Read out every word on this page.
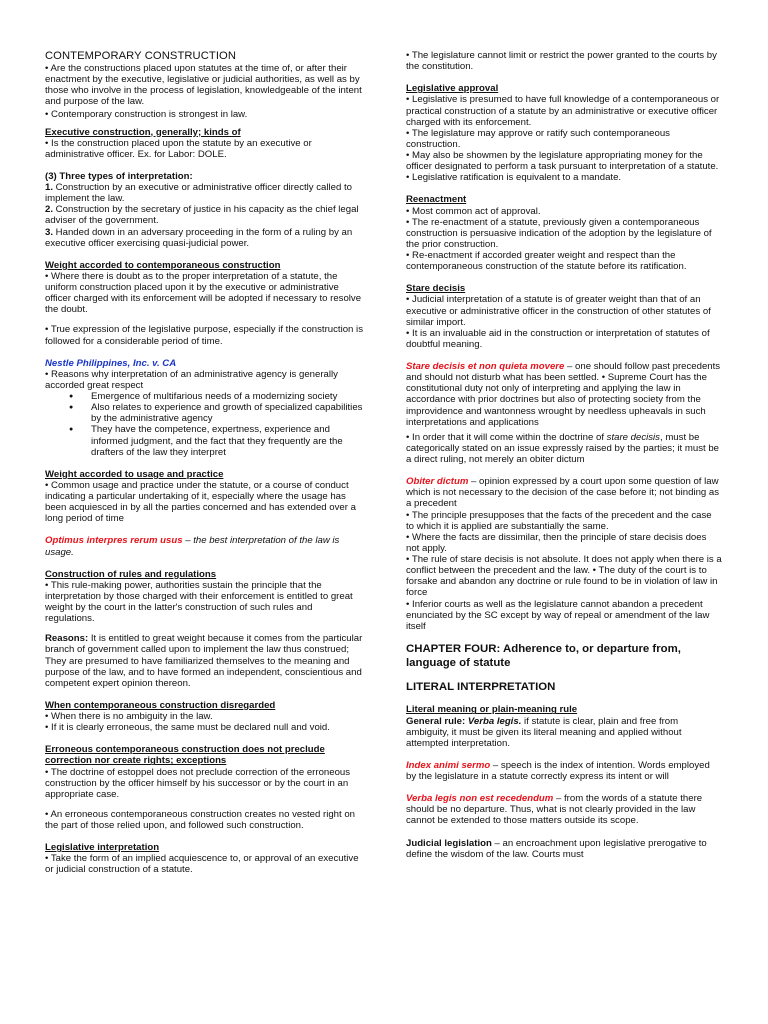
CONTEMPORARY CONSTRUCTION

• Are the constructions placed upon statutes at the time of, or after their enactment by the executive, legislative or judicial authorities, as well as by those who involve in the process of legislation, knowledgeable of the intent and purpose of the law.

• Contemporary construction is strongest in law.

Executive construction, generally; kinds of

• Is the construction placed upon the statute by an executive or administrative officer. Ex. for Labor: DOLE.

(3) Three types of interpretation:

1. Construction by an executive or administrative officer directly called to implement the law.

2. Construction by the secretary of justice in his capacity as the chief legal adviser of the government.

3. Handed down in an adversary proceeding in the form of a ruling by an executive officer exercising quasi-judicial power.

Weight accorded to contemporaneous construction

• Where there is doubt as to the proper interpretation of a statute, the uniform construction placed upon it by the executive or administrative officer charged with its enforcement will be adopted if necessary to resolve the doubt.

• True expression of the legislative purpose, especially if the construction is followed for a considerable period of time.

Nestle Philippines, Inc. v. CA

• Reasons why interpretation of an administrative agency is generally accorded great respect

● Emergence of multifarious needs of a modernizing society
● Also relates to experience and growth of specialized capabilities by the administrative agency
● They have the competence, expertness, experience and informed judgment, and the fact that they frequently are the drafters of the law they interpret

Weight accorded to usage and practice

• Common usage and practice under the statute, or a course of conduct indicating a particular undertaking of it, especially where the usage has been acquiesced in by all the parties concerned and has extended over a long period of time

Optimus interpres rerum usus – the best interpretation of the law is usage.

Construction of rules and regulations

• This rule-making power, authorities sustain the principle that the interpretation by those charged with their enforcement is entitled to great weight by the court in the latter's construction of such rules and regulations.

Reasons: It is entitled to great weight because it comes from the particular branch of government called upon to implement the law thus construed; They are presumed to have familiarized themselves to the meaning and purpose of the law, and to have formed an independent, conscientious and competent expert opinion thereon.

When contemporaneous construction disregarded

• When there is no ambiguity in the law.

• If it is clearly erroneous, the same must be declared null and void.

Erroneous contemporaneous construction does not preclude correction nor create rights; exceptions

• The doctrine of estoppel does not preclude correction of the erroneous construction by the officer himself by his successor or by the court in an appropriate case.

• An erroneous contemporaneous construction creates no vested right on the part of those relied upon, and followed such construction.

Legislative interpretation

• Take the form of an implied acquiescence to, or approval of an executive or judicial construction of a statute.

• The legislature cannot limit or restrict the power granted to the courts by the constitution.

Legislative approval

• Legislative is presumed to have full knowledge of a contemporaneous or practical construction of a statute by an administrative or executive officer charged with its enforcement.

• The legislature may approve or ratify such contemporaneous construction.

• May also be showmen by the legislature appropriating money for the officer designated to perform a task pursuant to interpretation of a statute.

• Legislative ratification is equivalent to a mandate.

Reenactment

• Most common act of approval.

• The re-enactment of a statute, previously given a contemporaneous construction is persuasive indication of the adoption by the legislature of the prior construction.

• Re-enactment if accorded greater weight and respect than the contemporaneous construction of the statute before its ratification.

Stare decisis

• Judicial interpretation of a statute is of greater weight than that of an executive or administrative officer in the construction of other statutes of similar import.

• It is an invaluable aid in the construction or interpretation of statutes of doubtful meaning.

Stare decisis et non quieta movere – one should follow past precedents and should not disturb what has been settled. • Supreme Court has the constitutional duty not only of interpreting and applying the law in accordance with prior doctrines but also of protecting society from the improvidence and wantonness wrought by needless upheavals in such interpretations and applications

• In order that it will come within the doctrine of stare decisis, must be categorically stated on an issue expressly raised by the parties; it must be a direct ruling, not merely an obiter dictum

Obiter dictum – opinion expressed by a court upon some question of law which is not necessary to the decision of the case before it; not binding as a precedent

• The principle presupposes that the facts of the precedent and the case to which it is applied are substantially the same.

• Where the facts are dissimilar, then the principle of stare decisis does not apply.

• The rule of stare decisis is not absolute. It does not apply when there is a conflict between the precedent and the law. • The duty of the court is to forsake and abandon any doctrine or rule found to be in violation of law in force

• Inferior courts as well as the legislature cannot abandon a precedent enunciated by the SC except by way of repeal or amendment of the law itself

CHAPTER FOUR: Adherence to, or departure from, language of statute

LITERAL INTERPRETATION

Literal meaning or plain-meaning rule

General rule: Verba legis. if statute is clear, plain and free from ambiguity, it must be given its literal meaning and applied without attempted interpretation.

Index animi sermo – speech is the index of intention. Words employed by the legislature in a statute correctly express its intent or will

Verba legis non est recedendum – from the words of a statute there should be no departure. Thus, what is not clearly provided in the law cannot be extended to those matters outside its scope.

Judicial legislation – an encroachment upon legislative prerogative to define the wisdom of the law. Courts must
